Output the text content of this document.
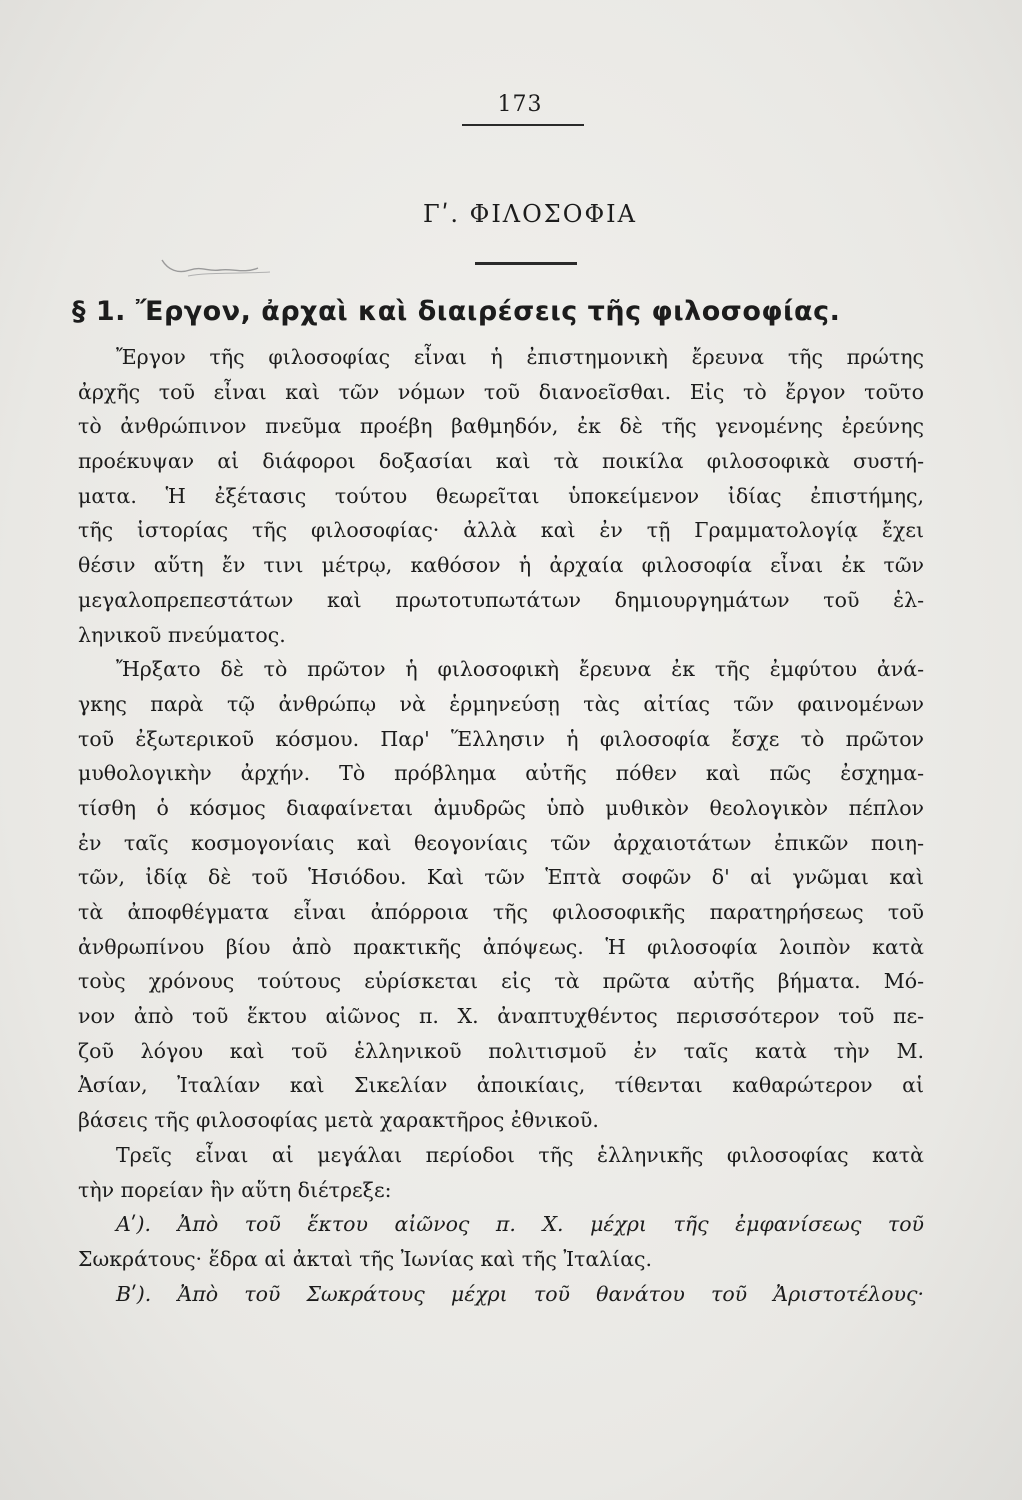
173
Γʹ. ΦΙΛΟΣΟΦΙΑ
§ 1. Ἔργον, ἀρχαὶ καὶ διαιρέσεις τῆς φιλοσοφίας.
Ἔργον τῆς φιλοσοφίας εἶναι ἡ ἐπιστημονικὴ ἔρευνα τῆς πρώτης
ἀρχῆς τοῦ εἶναι καὶ τῶν νόμων τοῦ διανοεῖσθαι. Εἰς τὸ ἔργον τοῦτο
τὸ ἀνθρώπινον πνεῦμα προέβη βαθμηδόν, ἐκ δὲ τῆς γενομένης ἐρεύνης
προέκυψαν αἱ διάφοροι δοξασίαι καὶ τὰ ποικίλα φιλοσοφικὰ συστή-
ματα. Ἡ ἐξέτασις τούτου θεωρεῖται ὑποκείμενον ἰδίας ἐπιστήμης,
τῆς ἱστορίας τῆς φιλοσοφίας· ἀλλὰ καὶ ἐν τῇ Γραμματολογίᾳ ἔχει
θέσιν αὕτη ἔν τινι μέτρῳ, καθόσον ἡ ἀρχαία φιλοσοφία εἶναι ἐκ τῶν
μεγαλοπρεπεστάτων καὶ πρωτοτυπωτάτων δημιουργημάτων τοῦ ἑλ-
ληνικοῦ πνεύματος.
Ἤρξατο δὲ τὸ πρῶτον ἡ φιλοσοφικὴ ἔρευνα ἐκ τῆς ἐμφύτου ἀνά-
γκης παρὰ τῷ ἀνθρώπῳ νὰ ἑρμηνεύσῃ τὰς αἰτίας τῶν φαινομένων
τοῦ ἐξωτερικοῦ κόσμου. Παρ' Ἕλλησιν ἡ φιλοσοφία ἔσχε τὸ πρῶτον
μυθολογικὴν ἀρχήν. Τὸ πρόβλημα αὐτῆς πόθεν καὶ πῶς ἐσχημα-
τίσθη ὁ κόσμος διαφαίνεται ἀμυδρῶς ὑπὸ μυθικὸν θεολογικὸν πέπλον
ἐν ταῖς κοσμογονίαις καὶ θεογονίαις τῶν ἀρχαιοτάτων ἐπικῶν ποιη-
τῶν, ἰδίᾳ δὲ τοῦ Ἡσιόδου. Καὶ τῶν Ἑπτὰ σοφῶν δ' αἱ γνῶμαι καὶ
τὰ ἀποφθέγματα εἶναι ἀπόρροια τῆς φιλοσοφικῆς παρατηρήσεως τοῦ
ἀνθρωπίνου βίου ἀπὸ πρακτικῆς ἀπόψεως. Ἡ φιλοσοφία λοιπὸν κατὰ
τοὺς χρόνους τούτους εὑρίσκεται εἰς τὰ πρῶτα αὐτῆς βήματα. Μό-
νον ἀπὸ τοῦ ἕκτου αἰῶνος π. Χ. ἀναπτυχθέντος περισσότερον τοῦ πε-
ζοῦ λόγου καὶ τοῦ ἑλληνικοῦ πολιτισμοῦ ἐν ταῖς κατὰ τὴν Μ.
Ἀσίαν, Ἰταλίαν καὶ Σικελίαν ἀποικίαις, τίθενται καθαρώτερον αἱ
βάσεις τῆς φιλοσοφίας μετὰ χαρακτῆρος ἐθνικοῦ.
Τρεῖς εἶναι αἱ μεγάλαι περίοδοι τῆς ἑλληνικῆς φιλοσοφίας κατὰ
τὴν πορείαν ἣν αὕτη διέτρεξε:
Αʹ). Ἀπὸ τοῦ ἕκτου αἰῶνος π. Χ. μέχρι τῆς ἐμφανίσεως τοῦ
Σωκράτους· ἕδρα αἱ ἀκταὶ τῆς Ἰωνίας καὶ τῆς Ἰταλίας.
Βʹ). Ἀπὸ τοῦ Σωκράτους μέχρι τοῦ θανάτου τοῦ Ἀριστοτέλους·
